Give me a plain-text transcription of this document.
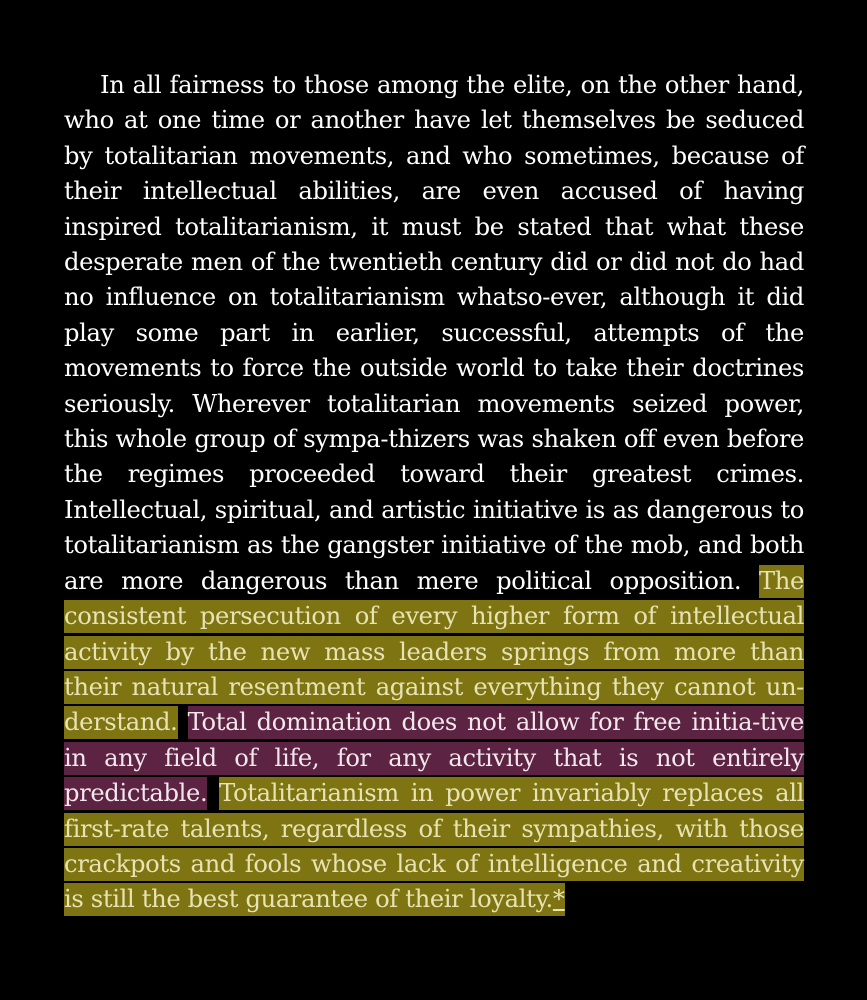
In all fairness to those among the elite, on the other hand, who at one time or another have let themselves be seduced by totalitarian movements, and who sometimes, because of their intellectual abilities, are even accused of having inspired totalitarianism, it must be stated that what these desperate men of the twentieth century did or did not do had no influence on totalitarianism whatso-ever, although it did play some part in earlier, successful, attempts of the movements to force the outside world to take their doctrines seriously. Wherever totalitarian movements seized power, this whole group of sympa-thizers was shaken off even before the regimes proceeded toward their greatest crimes. Intellectual, spiritual, and artistic initiative is as dangerous to totalitarianism as the gangster initiative of the mob, and both are more dangerous than mere political opposition. The consistent persecution of every higher form of intellectual activity by the new mass leaders springs from more than their natural resentment against everything they cannot un-derstand. Total domination does not allow for free initia-tive in any field of life, for any activity that is not entirely predictable. Totalitarianism in power invariably replaces all first-rate talents, regardless of their sympathies, with those crackpots and fools whose lack of intelligence and creativity is still the best guarantee of their loyalty.*
